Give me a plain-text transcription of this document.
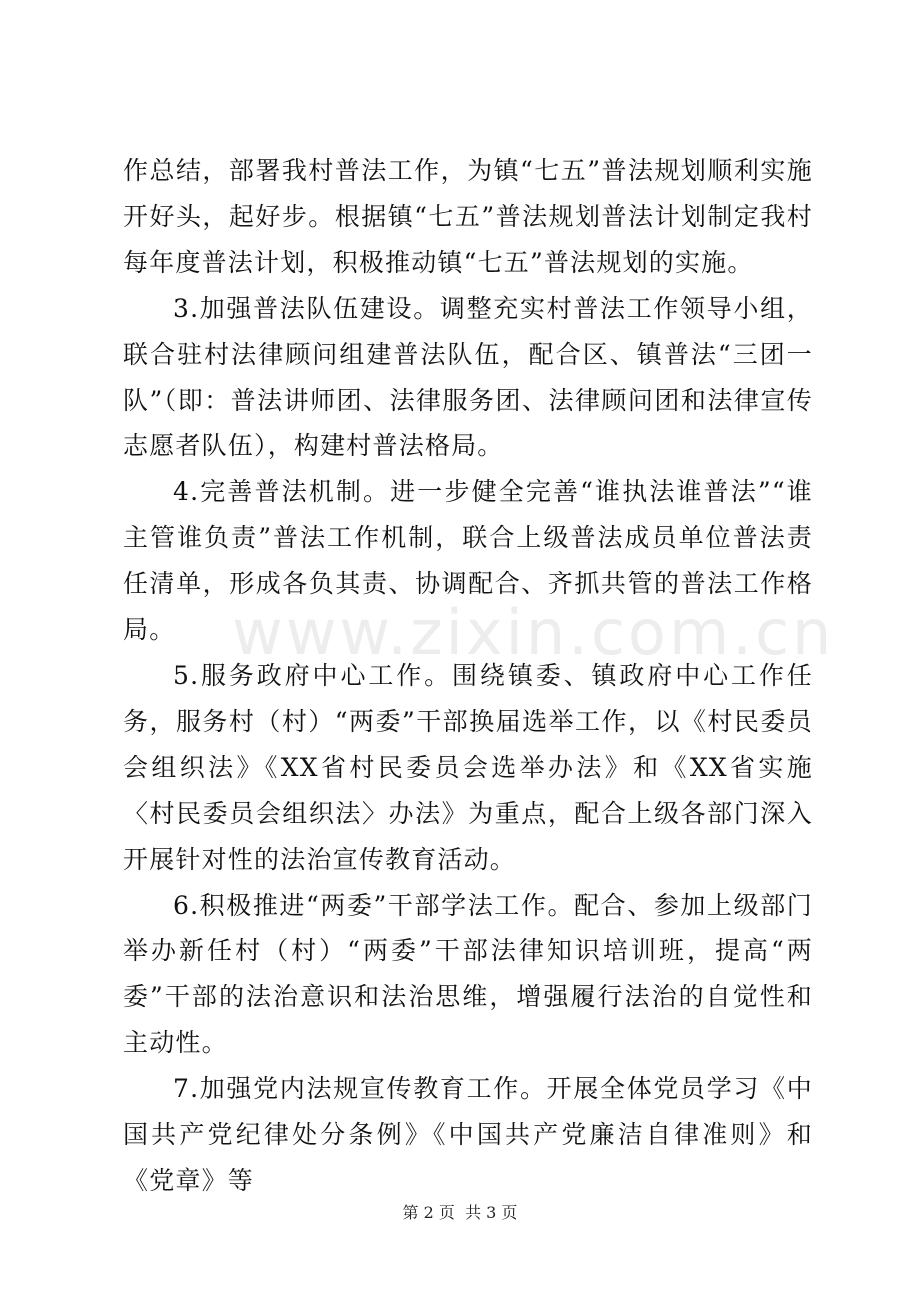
作总结，部署我村普法工作，为镇“七五”普法规划顺利实施开好头，起好步。根据镇“七五”普法规划普法计划制定我村每年度普法计划，积极推动镇“七五”普法规划的实施。

3.加强普法队伍建设。调整充实村普法工作领导小组，联合驻村法律顾问组建普法队伍，配合区、镇普法“三团一队”（即：普法讲师团、法律服务团、法律顾问团和法律宣传志愿者队伍），构建村普法格局。

4.完善普法机制。进一步健全完善“谁执法谁普法”“谁主管谁负责”普法工作机制，联合上级普法成员单位普法责任清单，形成各负其责、协调配合、齐抓共管的普法工作格局。

5.服务政府中心工作。围绕镇委、镇政府中心工作任务，服务村（村）“两委”干部换届选举工作，以《村民委员会组织法》《XX省村民委员会选举办法》和《XX省实施〈村民委员会组织法〉办法》为重点，配合上级各部门深入开展针对性的法治宣传教育活动。

6.积极推进“两委”干部学法工作。配合、参加上级部门举办新任村（村）“两委”干部法律知识培训班，提高“两委”干部的法治意识和法治思维，增强履行法治的自觉性和主动性。

7.加强党内法规宣传教育工作。开展全体党员学习《中国共产党纪律处分条例》《中国共产党廉洁自律准则》和《党章》等

www.zixin.com.cn
第 2 页  共 3 页
